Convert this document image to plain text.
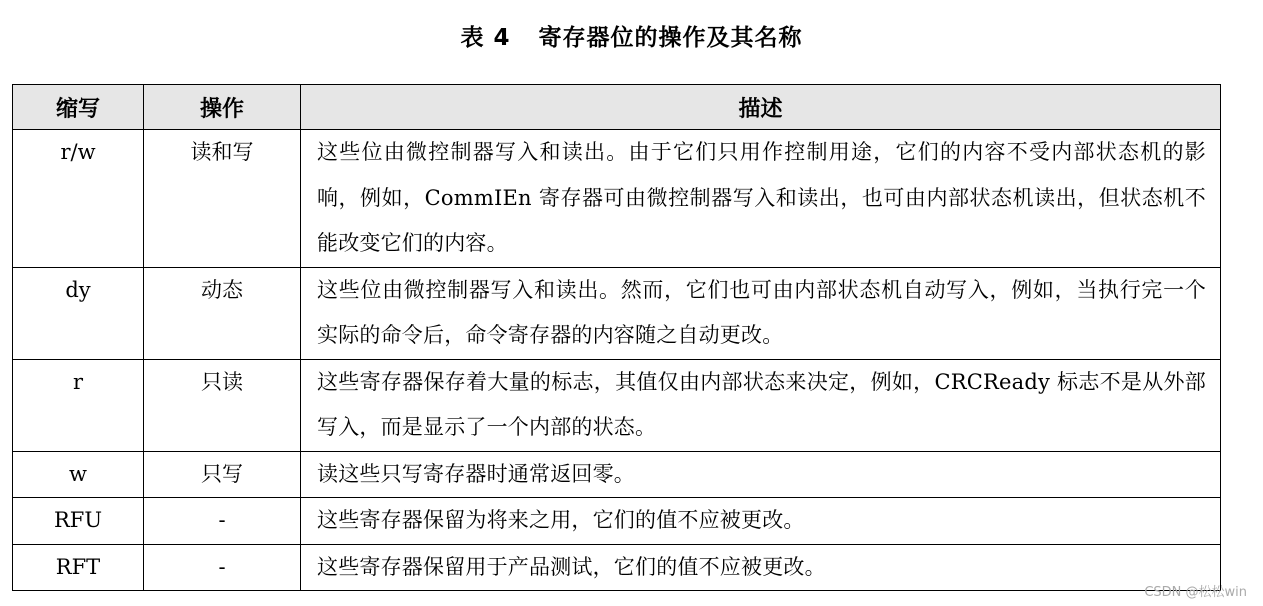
表 4 寄存器位的操作及其名称
缩写	操作	描述
r/w	读和写	这些位由微控制器写入和读出。由于它们只用作控制用途，它们的内容不受内部状态机的影响，例如，CommIEn 寄存器可由微控制器写入和读出，也可由内部状态机读出，但状态机不能改变它们的内容。
dy	动态	这些位由微控制器写入和读出。然而，它们也可由内部状态机自动写入，例如，当执行完一个实际的命令后，命令寄存器的内容随之自动更改。
r	只读	这些寄存器保存着大量的标志，其值仅由内部状态来决定，例如，CRCReady 标志不是从外部写入，而是显示了一个内部的状态。
w	只写	读这些只写寄存器时通常返回零。
RFU	-	这些寄存器保留为将来之用，它们的值不应被更改。
RFT	-	这些寄存器保留用于产品测试，它们的值不应被更改。
CSDN @松松win
